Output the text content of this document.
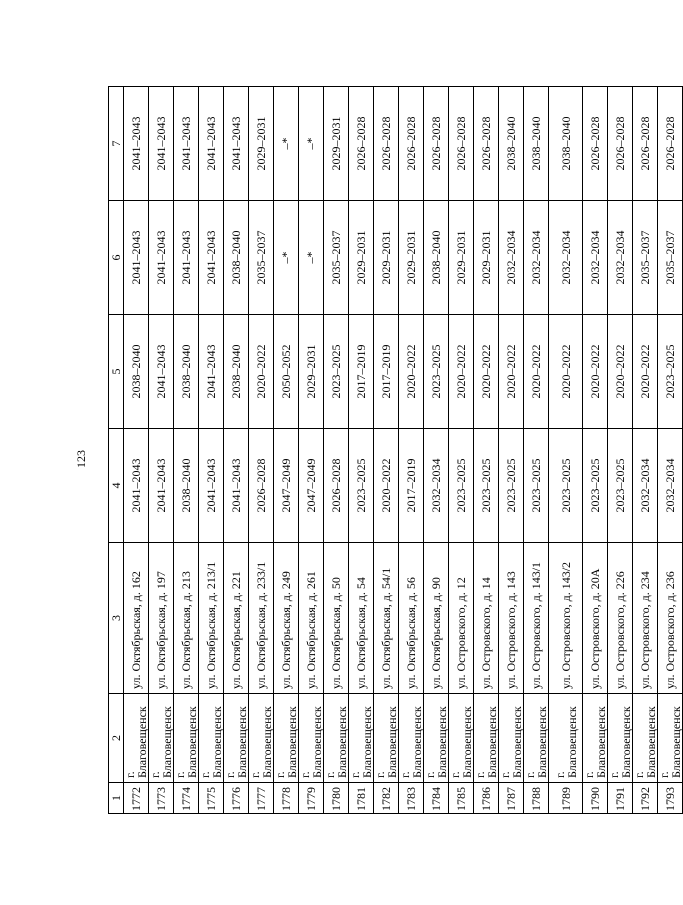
123
1	2	3	4	5	6	7
1772	г. Благовещенск	ул. Октябрьская, д. 162	2041–2043	2038–2040	2041–2043	2041–2043
1773	г. Благовещенск	ул. Октябрьская, д. 197	2041–2043	2041–2043	2041–2043	2041–2043
1774	г. Благовещенск	ул. Октябрьская, д. 213	2038–2040	2038–2040	2041–2043	2041–2043
1775	г. Благовещенск	ул. Октябрьская, д. 213/1	2041–2043	2041–2043	2041–2043	2041–2043
1776	г. Благовещенск	ул. Октябрьская, д. 221	2041–2043	2038–2040	2038–2040	2041–2043
1777	г. Благовещенск	ул. Октябрьская, д. 233/1	2026–2028	2020–2022	2035–2037	2029–2031
1778	г. Благовещенск	ул. Октябрьская, д. 249	2047–2049	2050–2052	–*	–*
1779	г. Благовещенск	ул. Октябрьская, д. 261	2047–2049	2029–2031	–*	–*
1780	г. Благовещенск	ул. Октябрьская, д. 50	2026–2028	2023–2025	2035–2037	2029–2031
1781	г. Благовещенск	ул. Октябрьская, д. 54	2023–2025	2017–2019	2029–2031	2026–2028
1782	г. Благовещенск	ул. Октябрьская, д. 54/1	2020–2022	2017–2019	2029–2031	2026–2028
1783	г. Благовещенск	ул. Октябрьская, д. 56	2017–2019	2020–2022	2029–2031	2026–2028
1784	г. Благовещенск	ул. Октябрьская, д. 90	2032–2034	2023–2025	2038–2040	2026–2028
1785	г. Благовещенск	ул. Островского, д. 12	2023–2025	2020–2022	2029–2031	2026–2028
1786	г. Благовещенск	ул. Островского, д. 14	2023–2025	2020–2022	2029–2031	2026–2028
1787	г. Благовещенск	ул. Островского, д. 143	2023–2025	2020–2022	2032–2034	2038–2040
1788	г. Благовещенск	ул. Островского, д. 143/1	2023–2025	2020–2022	2032–2034	2038–2040
1789	г. Благовещенск	ул. Островского, д. 143/2	2023–2025	2020–2022	2032–2034	2038–2040
1790	г. Благовещенск	ул. Островского, д. 20А	2023–2025	2020–2022	2032–2034	2026–2028
1791	г. Благовещенск	ул. Островского, д. 226	2023–2025	2020–2022	2032–2034	2026–2028
1792	г. Благовещенск	ул. Островского, д. 234	2032–2034	2020–2022	2035–2037	2026–2028
1793	г. Благовещенск	ул. Островского, д. 236	2032–2034	2023–2025	2035–2037	2026–2028
